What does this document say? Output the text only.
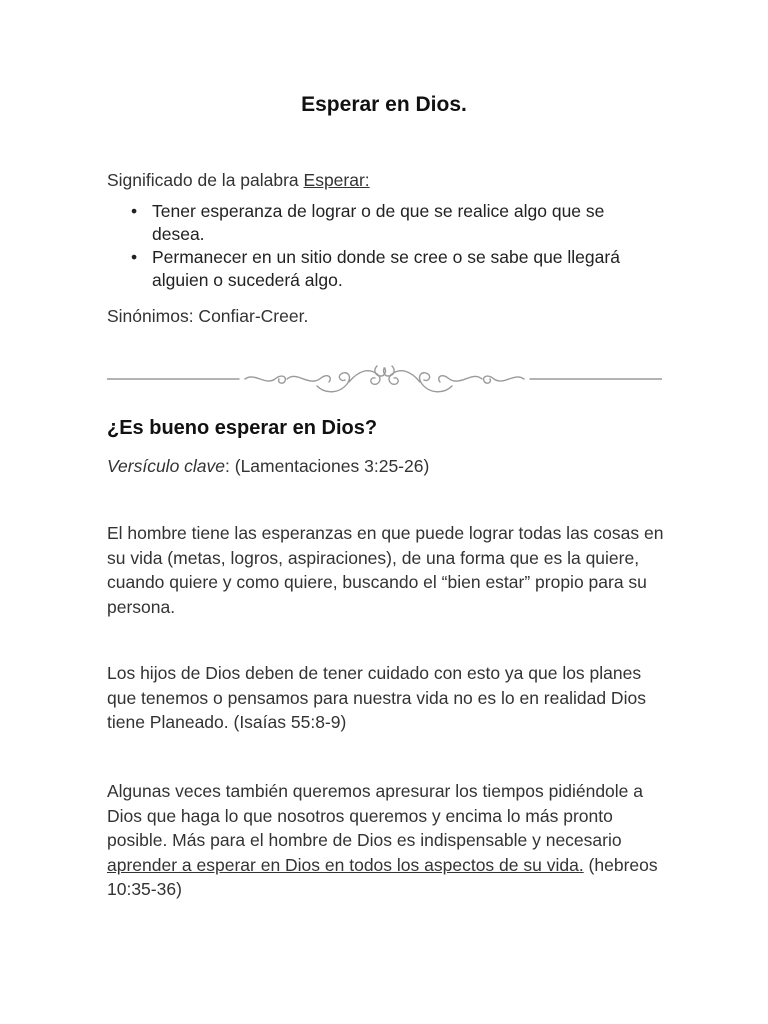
Esperar en Dios.
Significado de la palabra Esperar:
• Tener esperanza de lograr o de que se realice algo que se desea.
• Permanecer en un sitio donde se cree o se sabe que llegará alguien o sucederá algo.
Sinónimos: Confiar-Creer.
¿Es bueno esperar en Dios?
Versículo clave: (Lamentaciones 3:25-26)
El hombre tiene las esperanzas en que puede lograr todas las cosas en su vida (metas, logros, aspiraciones), de una forma que es la quiere, cuando quiere y como quiere, buscando el “bien estar” propio para su persona.
Los hijos de Dios deben de tener cuidado con esto ya que los planes que tenemos o pensamos para nuestra vida no es lo en realidad Dios tiene Planeado. (Isaías 55:8-9)
Algunas veces también queremos apresurar los tiempos pidiéndole a Dios que haga lo que nosotros queremos y encima lo más pronto posible. Más para el hombre de Dios es indispensable y necesario aprender a esperar en Dios en todos los aspectos de su vida. (hebreos 10:35-36)
